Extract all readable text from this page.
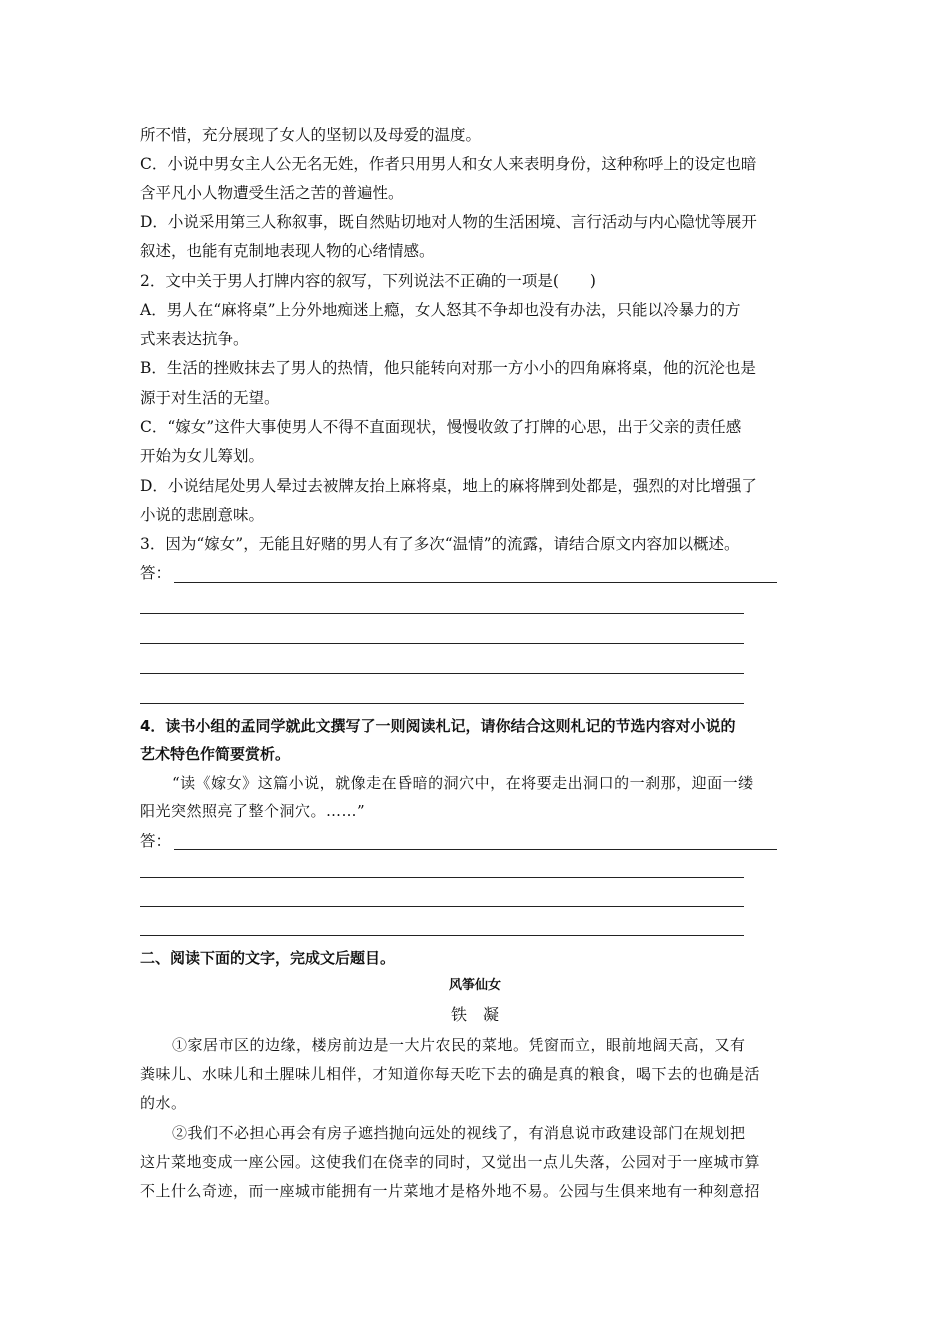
所不惜，充分展现了女人的坚韧以及母爱的温度。
C．小说中男女主人公无名无姓，作者只用男人和女人来表明身份，这种称呼上的设定也暗
含平凡小人物遭受生活之苦的普遍性。
D．小说采用第三人称叙事，既自然贴切地对人物的生活困境、言行活动与内心隐忧等展开
叙述，也能有克制地表现人物的心绪情感。
2．文中关于男人打牌内容的叙写，下列说法不正确的一项是(　　)
A．男人在“麻将桌”上分外地痴迷上瘾，女人怒其不争却也没有办法，只能以冷暴力的方
式来表达抗争。
B．生活的挫败抹去了男人的热情，他只能转向对那一方小小的四角麻将桌，他的沉沦也是
源于对生活的无望。
C．“嫁女”这件大事使男人不得不直面现状，慢慢收敛了打牌的心思，出于父亲的责任感
开始为女儿筹划。
D．小说结尾处男人晕过去被牌友抬上麻将桌，地上的麻将牌到处都是，强烈的对比增强了
小说的悲剧意味。
3．因为“嫁女”，无能且好赌的男人有了多次“温情”的流露，请结合原文内容加以概述。
答：
4．读书小组的孟同学就此文撰写了一则阅读札记，请你结合这则札记的节选内容对小说的
艺术特色作简要赏析。
“读《嫁女》这篇小说，就像走在昏暗的洞穴中，在将要走出洞口的一刹那，迎面一缕
阳光突然照亮了整个洞穴。……”
答：
二、阅读下面的文字，完成文后题目。
风筝仙女
铁　凝
①家居市区的边缘，楼房前边是一大片农民的菜地。凭窗而立，眼前地阔天高，又有
粪味儿、水味儿和土腥味儿相伴，才知道你每天吃下去的确是真的粮食，喝下去的也确是活
的水。
②我们不必担心再会有房子遮挡抛向远处的视线了，有消息说市政建设部门在规划把
这片菜地变成一座公园。这使我们在侥幸的同时，又觉出一点儿失落，公园对于一座城市算
不上什么奇迹，而一座城市能拥有一片菜地才是格外地不易。公园与生俱来地有一种刻意招
